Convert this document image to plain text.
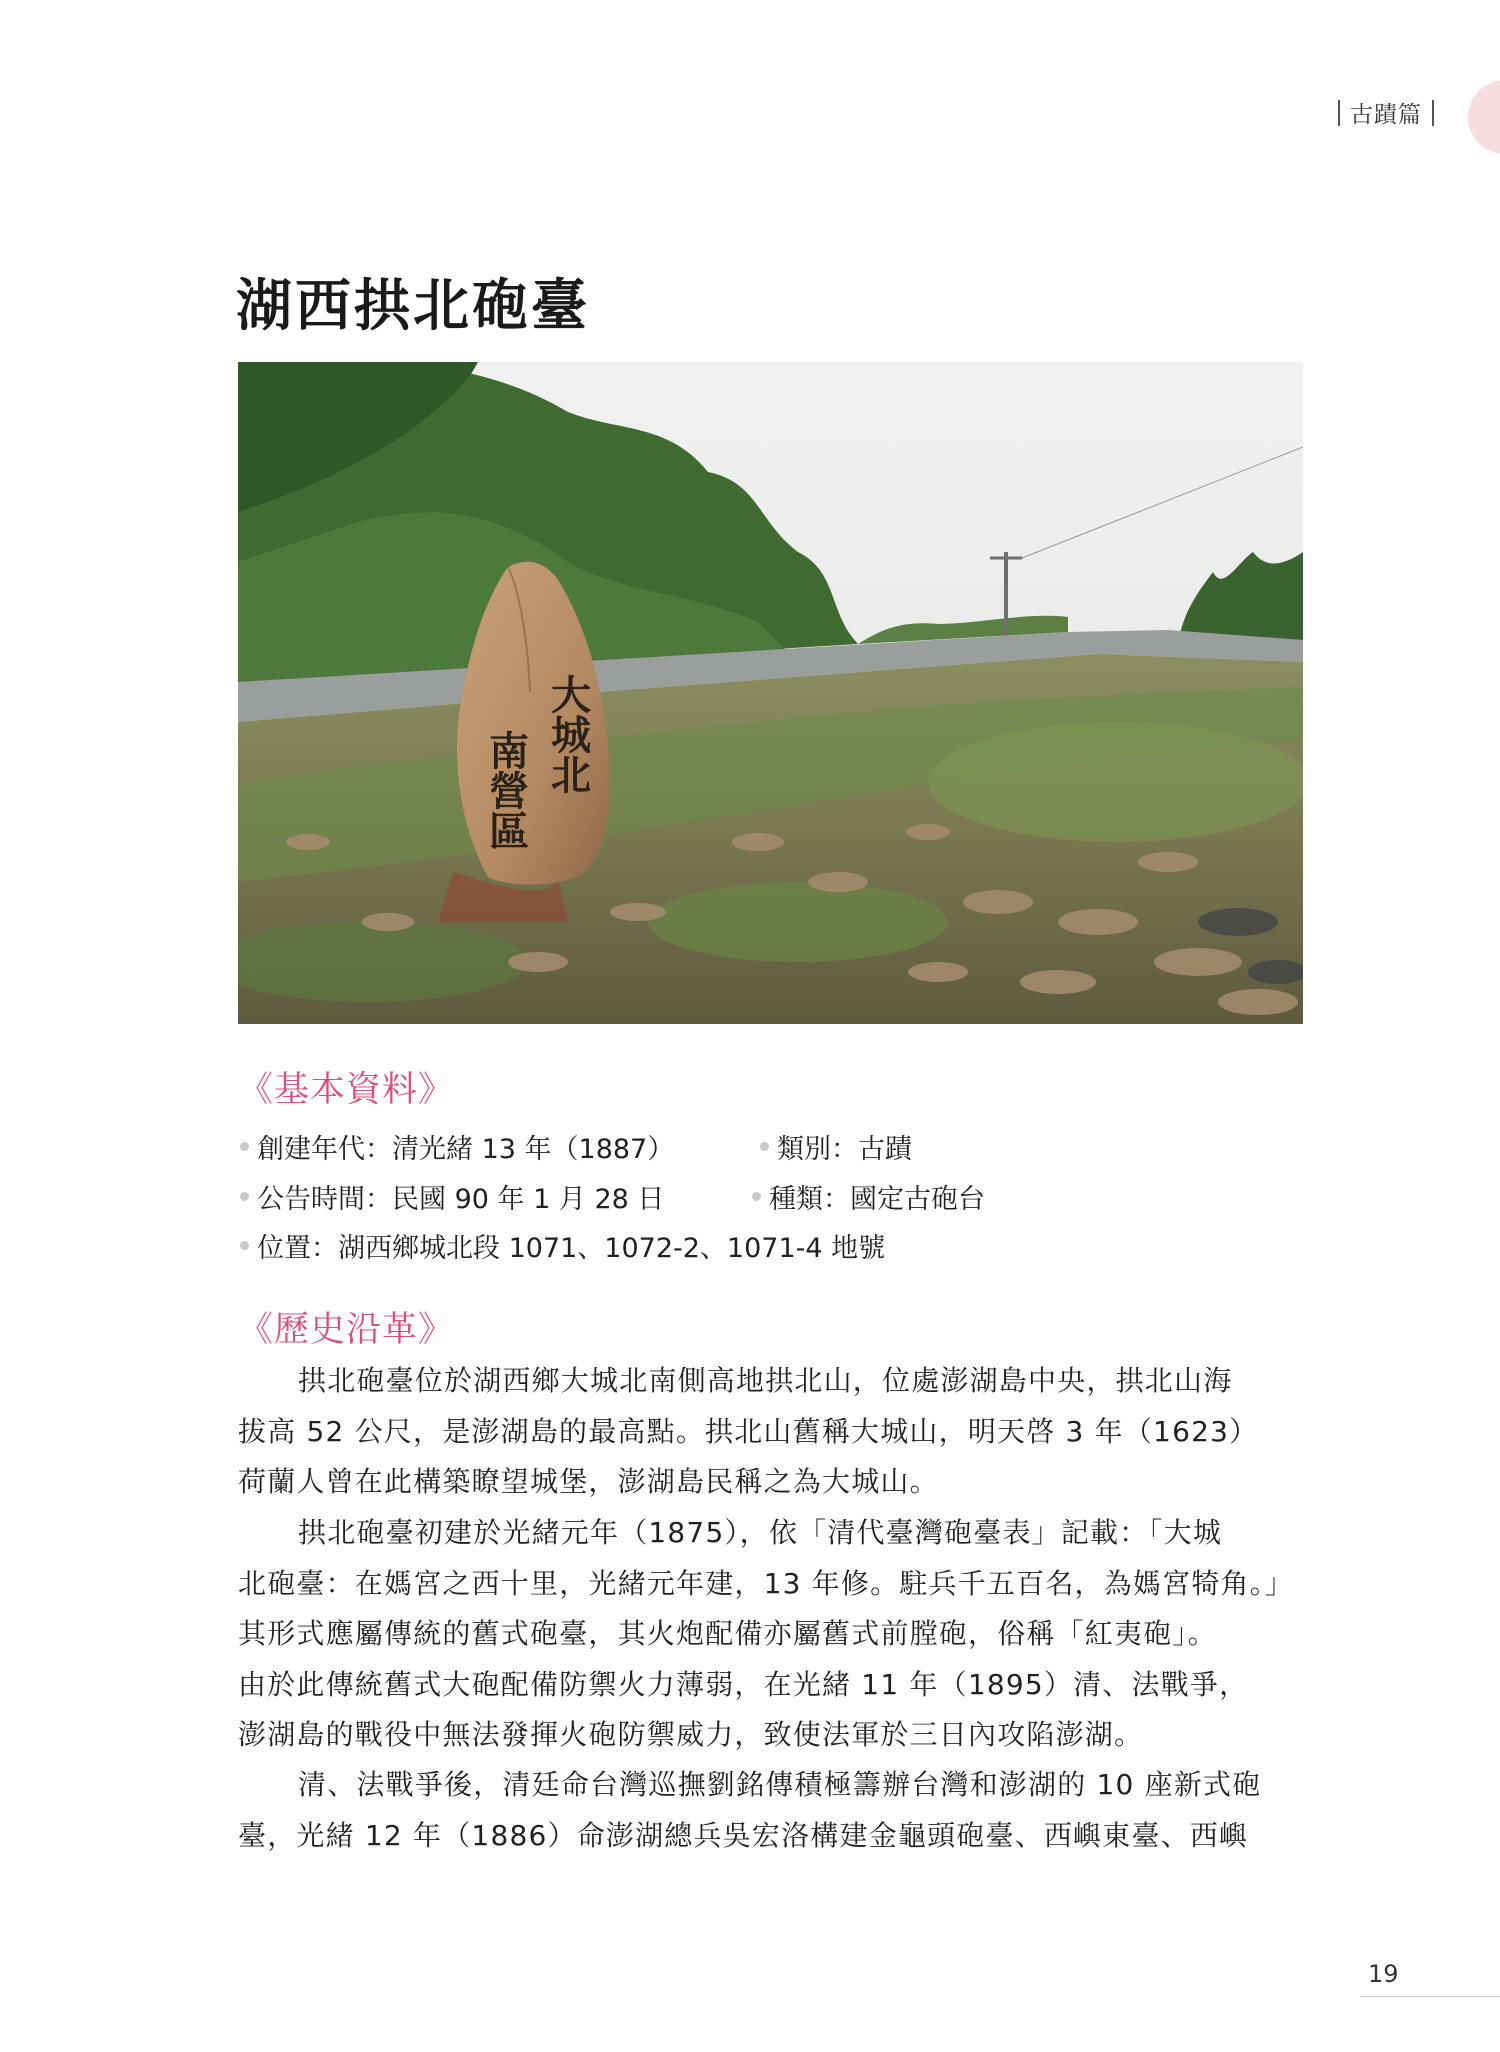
古蹟篇
湖西拱北砲臺
大城北
南營區
《基本資料》
創建年代：清光緒 13 年（1887）	類別：古蹟
公告時間：民國 90 年 1 月 28 日	種類：國定古砲台
位置：湖西鄉城北段 1071、1072-2、1071-4 地號
《歷史沿革》

拱北砲臺位於湖西鄉大城北南側高地拱北山，位處澎湖島中央，拱北山海
拔高 52 公尺，是澎湖島的最高點。拱北山舊稱大城山，明天啓 3 年（1623）
荷蘭人曾在此構築瞭望城堡，澎湖島民稱之為大城山。

拱北砲臺初建於光緒元年（1875），依「清代臺灣砲臺表」記載：「大城
北砲臺：在媽宮之西十里，光緒元年建，13 年修。駐兵千五百名，為媽宮犄角。」
其形式應屬傳統的舊式砲臺，其火炮配備亦屬舊式前膛砲，俗稱「紅夷砲」。
由於此傳統舊式大砲配備防禦火力薄弱，在光緒 11 年（1895）清、法戰爭，
澎湖島的戰役中無法發揮火砲防禦威力，致使法軍於三日內攻陷澎湖。

清、法戰爭後，清廷命台灣巡撫劉銘傳積極籌辦台灣和澎湖的 10 座新式砲
臺，光緒 12 年（1886）命澎湖總兵吳宏洛構建金龜頭砲臺、西嶼東臺、西嶼

19
